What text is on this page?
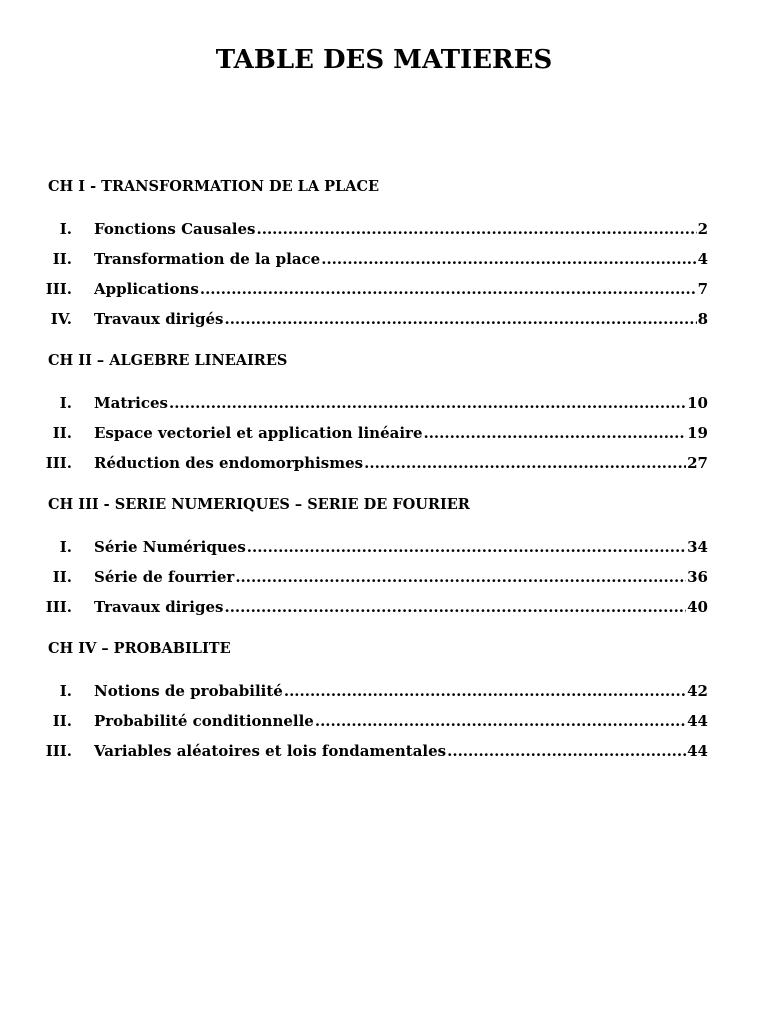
TABLE DES MATIERES
CH I - TRANSFORMATION DE LA PLACE
I. Fonctions Causales .....	2
II. Transformation de la place .....	4
III. Applications .....	7
IV. Travaux dirigés .....	8
CH II – ALGEBRE LINEAIRES
I. Matrices .....	10
II. Espace vectoriel et application linéaire .....	19
III. Réduction des endomorphismes .....	27
CH III - SERIE NUMERIQUES – SERIE DE FOURIER
I. Série Numériques .....	34
II. Série de fourrier .....	36
III. Travaux diriges .....	40
CH IV – PROBABILITE
I. Notions de probabilité .....	42
II. Probabilité conditionnelle .....	44
III. Variables aléatoires et lois fondamentales .....	44
